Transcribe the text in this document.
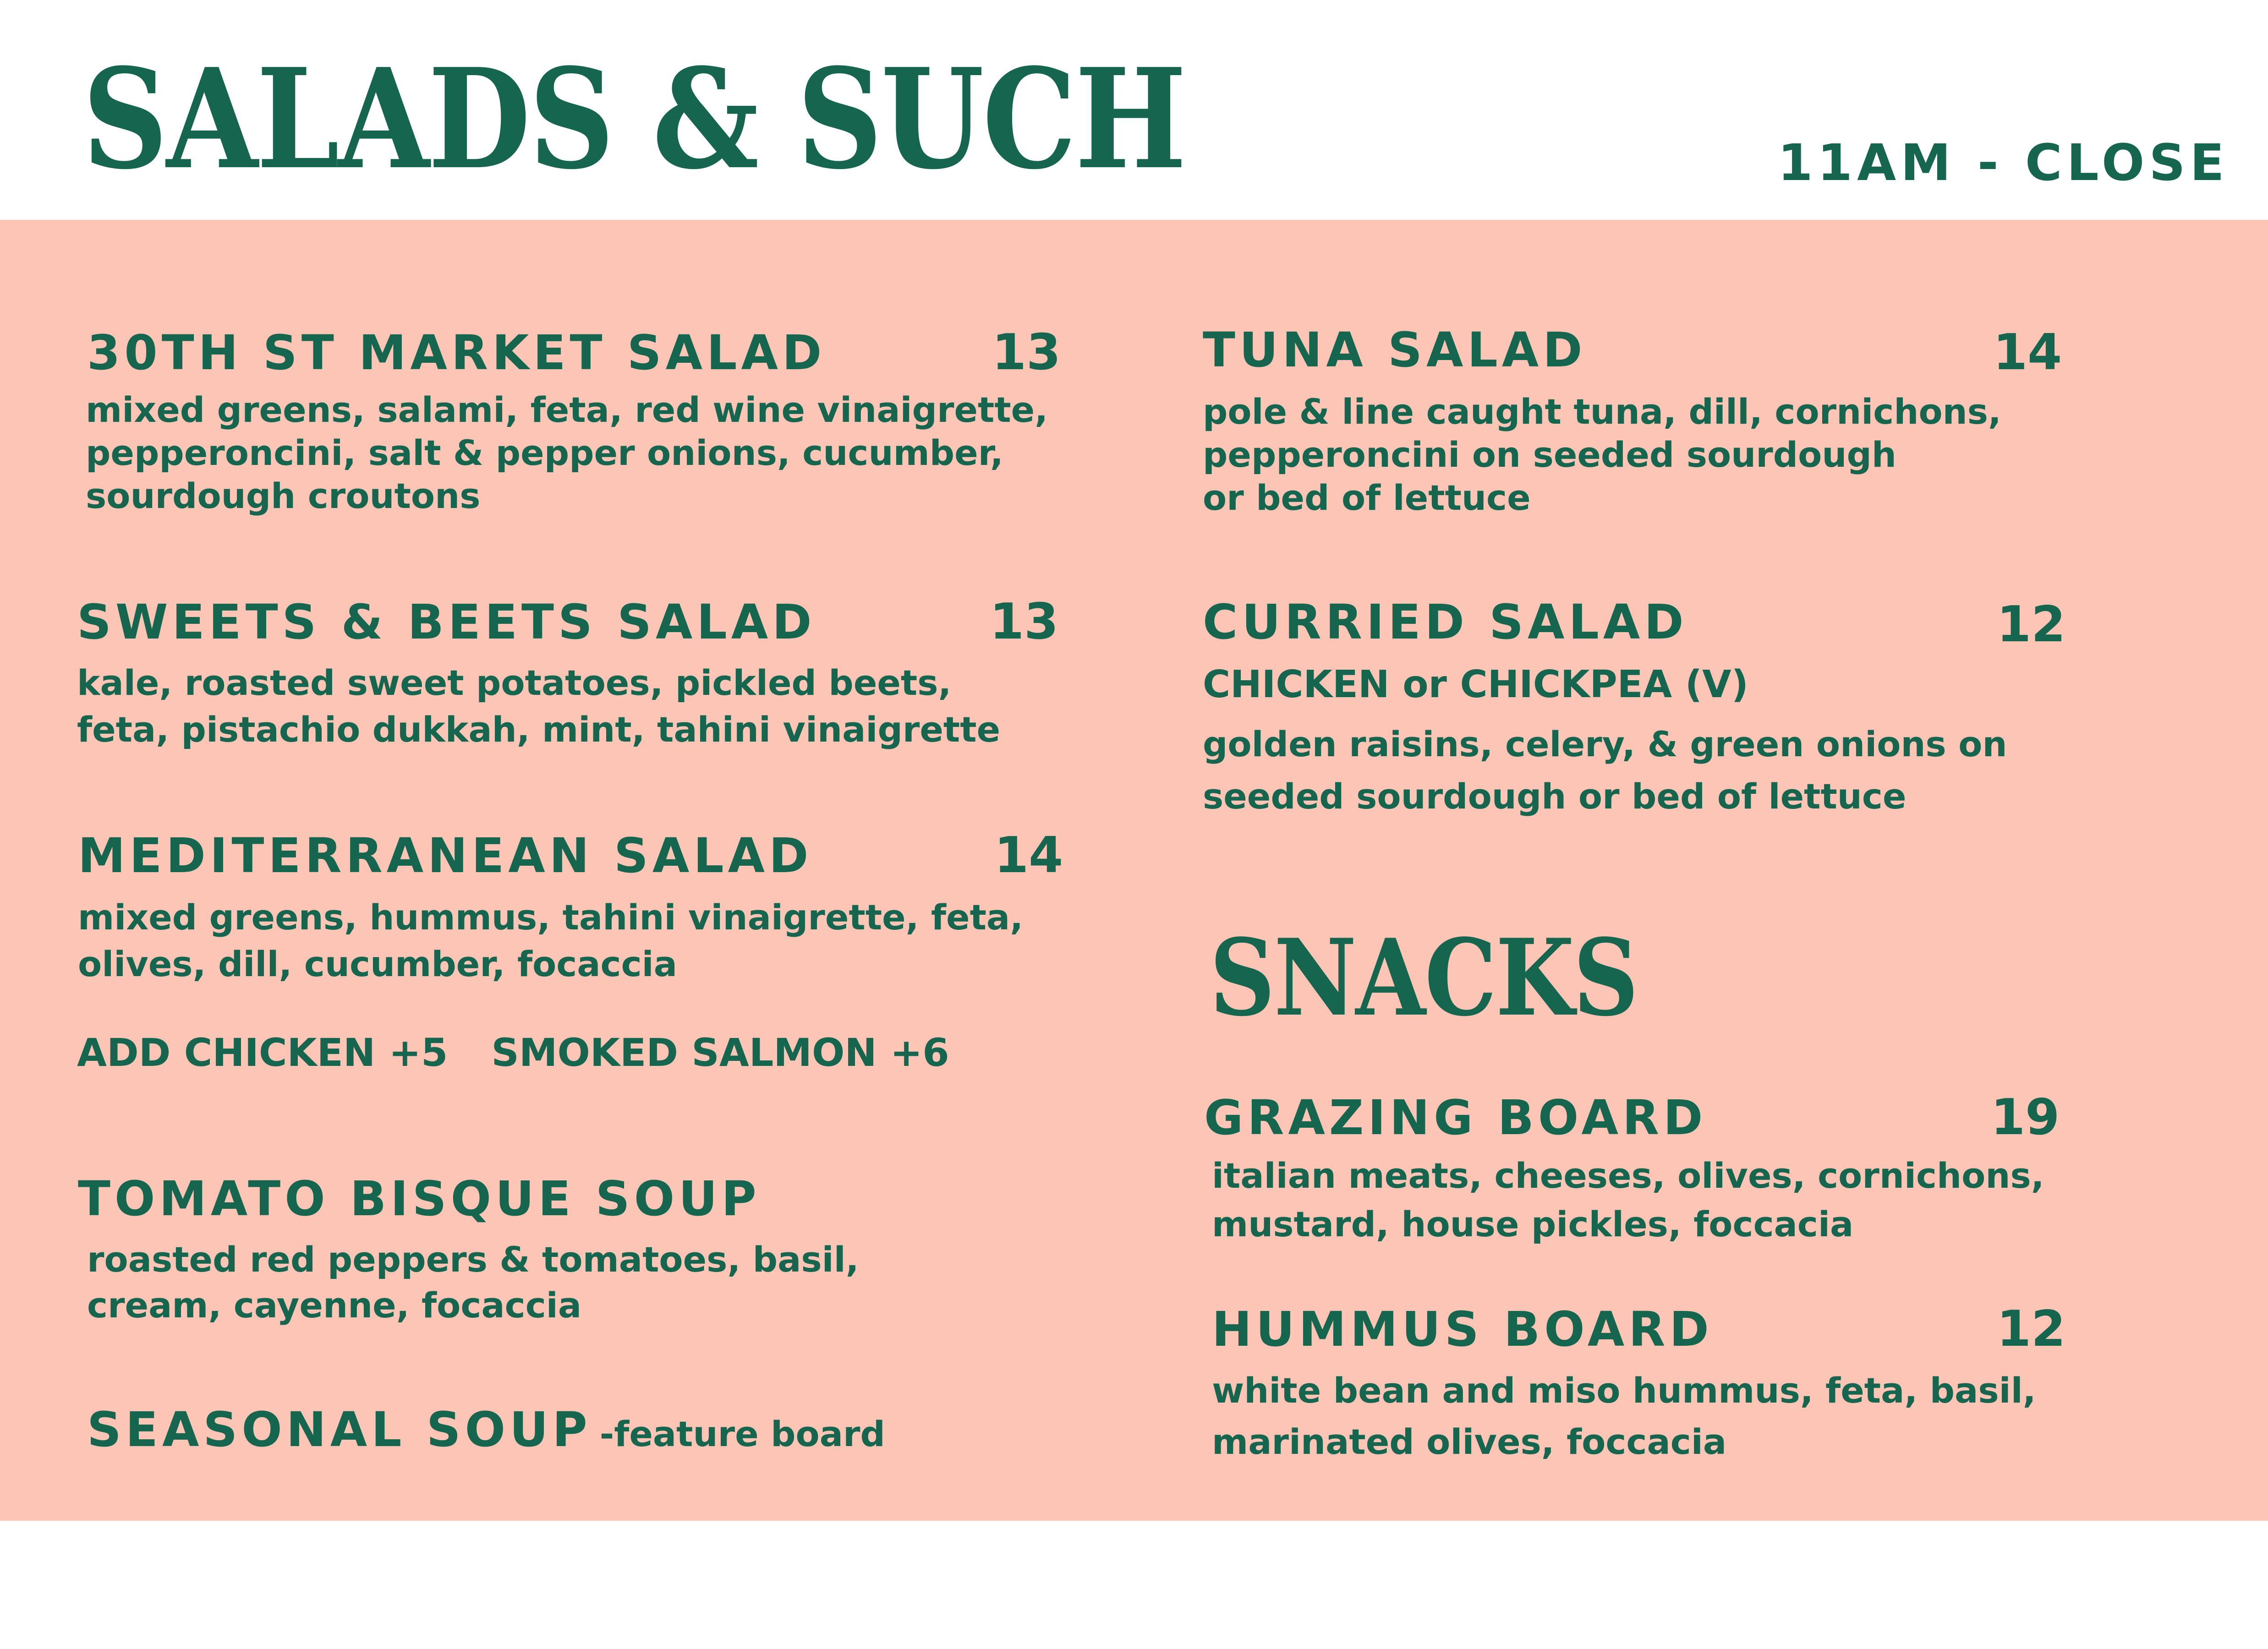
SALADS & SUCH	11AM - CLOSE
30TH ST MARKET SALAD	13
mixed greens, salami, feta, red wine vinaigrette,
pepperoncini, salt & pepper onions, cucumber,
sourdough croutons
SWEETS & BEETS SALAD	13
kale, roasted sweet potatoes, pickled beets,
feta, pistachio dukkah, mint, tahini vinaigrette
MEDITERRANEAN SALAD	14
mixed greens, hummus, tahini vinaigrette, feta,
olives, dill, cucumber, focaccia
ADD CHICKEN +5 SMOKED SALMON +6
TOMATO BISQUE SOUP
roasted red peppers & tomatoes, basil,
cream, cayenne, focaccia
SEASONAL SOUP -feature board
TUNA SALAD	14
pole & line caught tuna, dill, cornichons,
pepperoncini on seeded sourdough
or bed of lettuce
CURRIED SALAD	12
CHICKEN or CHICKPEA (V)
golden raisins, celery, & green onions on
seeded sourdough or bed of lettuce
SNACKS
GRAZING BOARD	19
italian meats, cheeses, olives, cornichons,
mustard, house pickles, foccacia
HUMMUS BOARD	12
white bean and miso hummus, feta, basil,
marinated olives, foccacia
